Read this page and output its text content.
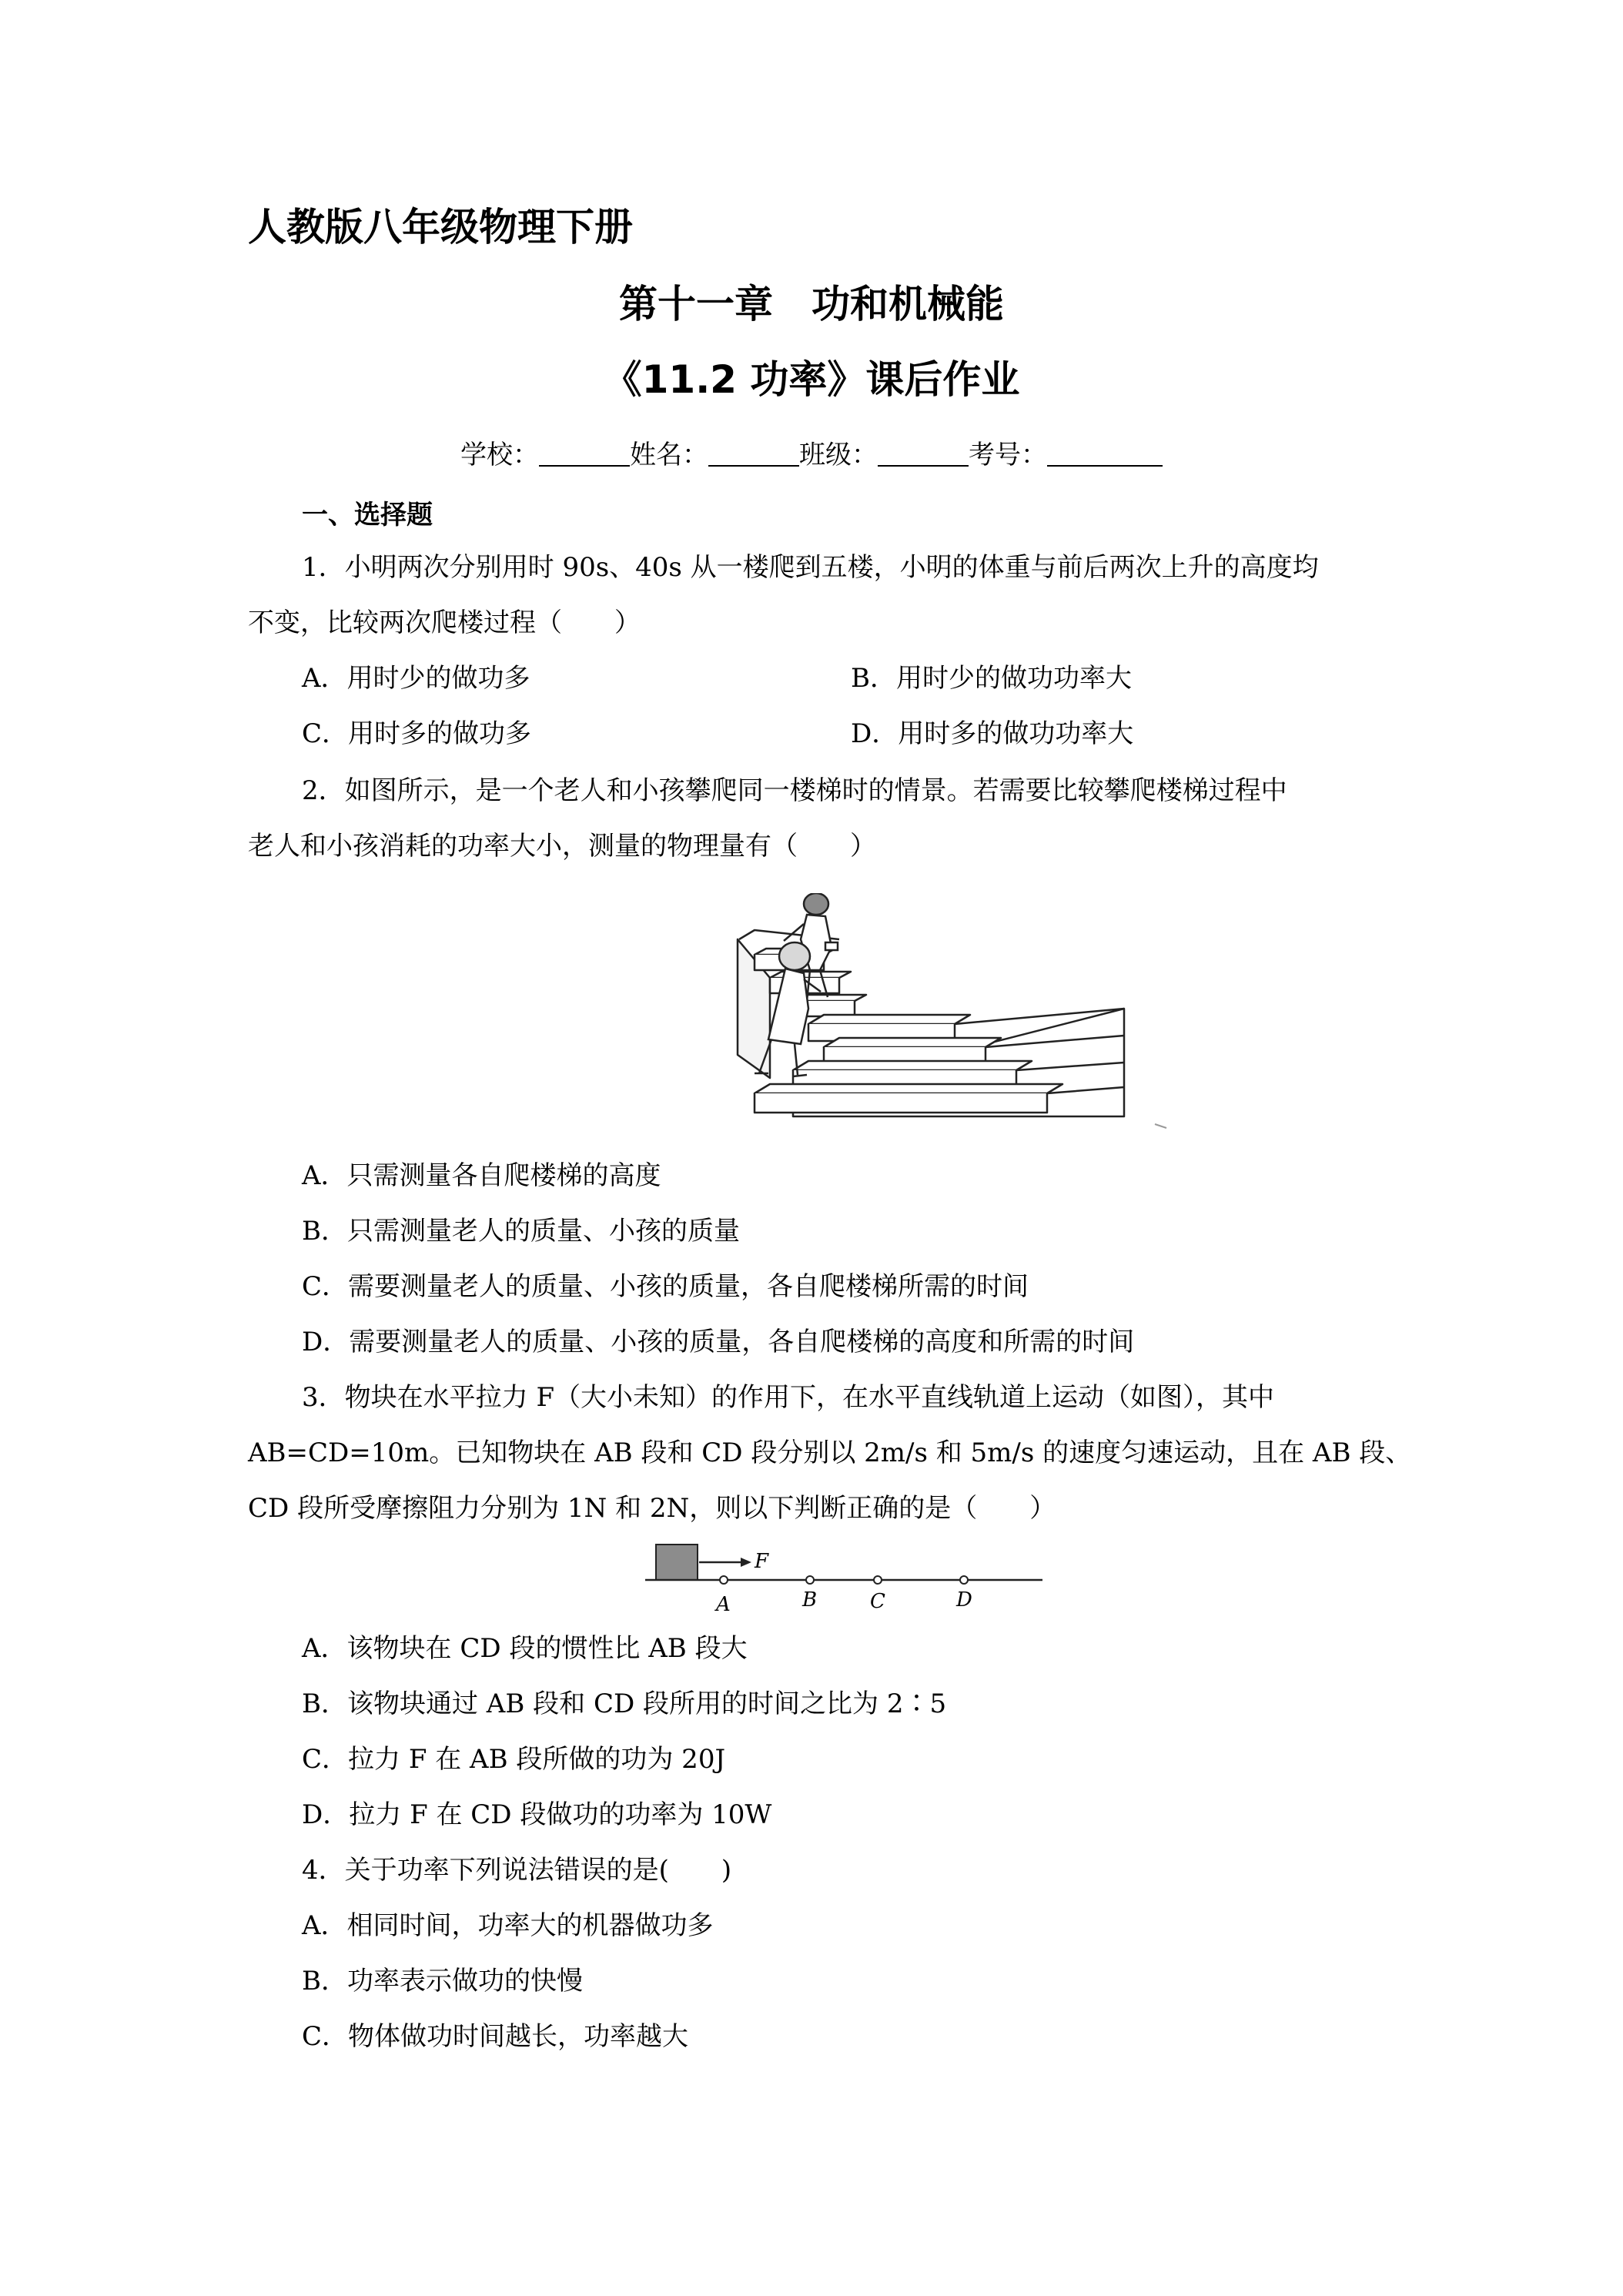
人教版八年级物理下册
第十一章　功和机械能
《11.2 功率》课后作业
学校：	姓名：	班级：	考号：
一、选择题
1．小明两次分别用时 90s、40s 从一楼爬到五楼，小明的体重与前后两次上升的高度均
不变，比较两次爬楼过程（　　）
A．用时少的做功多	B．用时少的做功功率大
C．用时多的做功多	D．用时多的做功功率大
2．如图所示，是一个老人和小孩攀爬同一楼梯时的情景。若需要比较攀爬楼梯过程中
老人和小孩消耗的功率大小，测量的物理量有（　　）
A．只需测量各自爬楼梯的高度
B．只需测量老人的质量、小孩的质量
C．需要测量老人的质量、小孩的质量，各自爬楼梯所需的时间
D．需要测量老人的质量、小孩的质量，各自爬楼梯的高度和所需的时间
3．物块在水平拉力 F（大小未知）的作用下，在水平直线轨道上运动（如图），其中
AB=CD=10m。已知物块在 AB 段和 CD 段分别以 2m/s 和 5m/s 的速度匀速运动，且在 AB 段、
CD 段所受摩擦阻力分别为 1N 和 2N，则以下判断正确的是（　　）
F
A	B	C	D
A．该物块在 CD 段的惯性比 AB 段大
B．该物块通过 AB 段和 CD 段所用的时间之比为 2∶5
C．拉力 F 在 AB 段所做的功为 20J
D．拉力 F 在 CD 段做功的功率为 10W
4．关于功率下列说法错误的是(　　)
A．相同时间，功率大的机器做功多
B．功率表示做功的快慢
C．物体做功时间越长，功率越大
